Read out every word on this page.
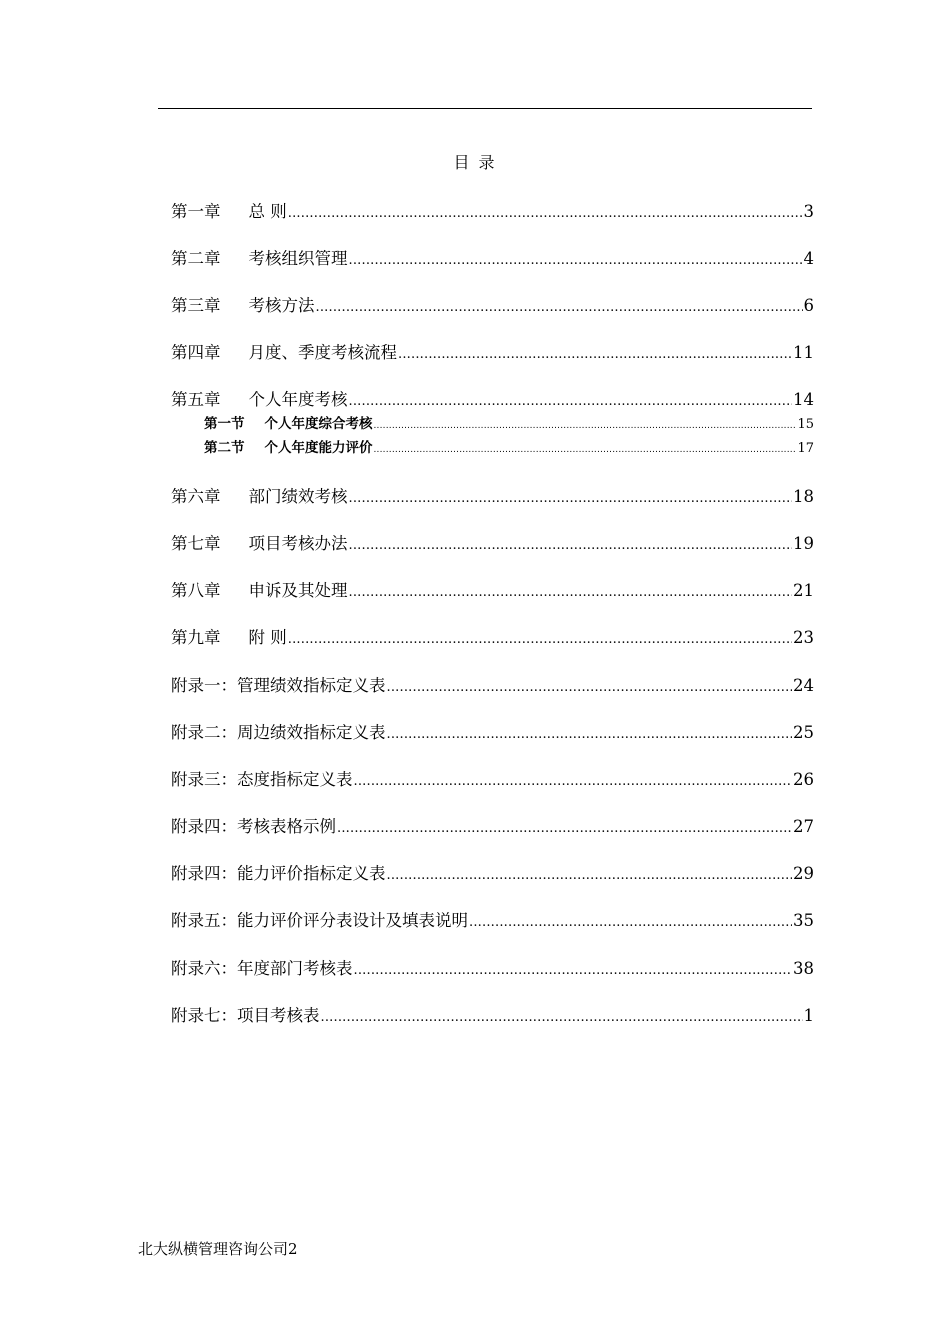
目 录
第一章 总 则 .....	3
第二章 考核组织管理 .....	4
第三章 考核方法 .....	6
第四章 月度、季度考核流程 .....	11
第五章 个人年度考核 .....	14
第一节 个人年度综合考核 .....	15
第二节 个人年度能力评价 .....	17
第六章 部门绩效考核 .....	18
第七章 项目考核办法 .....	19
第八章 申诉及其处理 .....	21
第九章 附 则 .....	23
附录一： 管理绩效指标定义表 .....	24
附录二： 周边绩效指标定义表 .....	25
附录三： 态度指标定义表 .....	26
附录四： 考核表格示例 .....	27
附录四： 能力评价指标定义表 .....	29
附录五： 能力评价评分表设计及填表说明 .....	35
附录六： 年度部门考核表 .....	38
附录七： 项目考核表 .....	1
北大纵横管理咨询公司2
